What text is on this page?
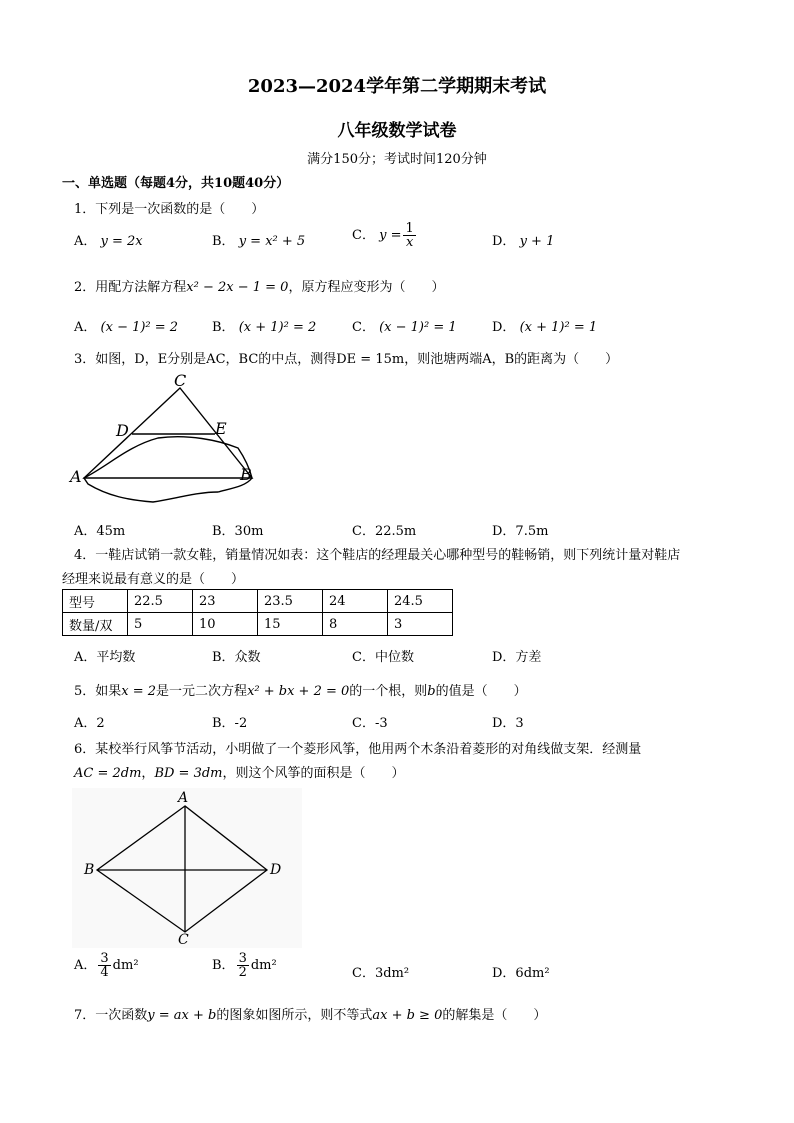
2023—2024学年第二学期期末考试
八年级数学试卷
满分150分；考试时间120分钟
一、单选题（每题4分，共10题40分）
1．下列是一次函数的是（　　）
A． y = 2x	B． y = x² + 5	C． $y = \frac{1}{x}$	D． y + 1
2．用配方法解方程x² − 2x − 1 = 0，原方程应变形为（　　）
A． (x − 1)² = 2	B． (x + 1)² = 2	C． (x − 1)² = 1	D． (x + 1)² = 1
3．如图，D，E分别是AC，BC的中点，测得DE = 15m，则池塘两端A，B的距离为（　　）
C
D	E
A	B
A．45m	B．30m	C．22.5m	D．7.5m
4．一鞋店试销一款女鞋，销量情况如表：这个鞋店的经理最关心哪种型号的鞋畅销，则下列统计量对鞋店
经理来说最有意义的是（　　）
型号	22.5	23	23.5	24	24.5
数量/双	5	10	15	8	3
A．平均数	B．众数	C．中位数	D．方差
5．如果x = 2是一元二次方程x² + bx + 2 = 0的一个根，则b的值是（　　）
A．2	B．-2	C．-3	D．3
6．某校举行风筝节活动，小明做了一个菱形风筝，他用两个木条沿着菱形的对角线做支架．经测量
AC = 2dm，BD = 3dm，则这个风筝的面积是（　　）
A
B	D
C
A． $\frac{3}{4} dm^2$	B． $\frac{3}{2} dm^2$
C．3dm²	D．6dm²
7．一次函数y = ax + b的图象如图所示，则不等式ax + b ≥ 0的解集是（　　）
